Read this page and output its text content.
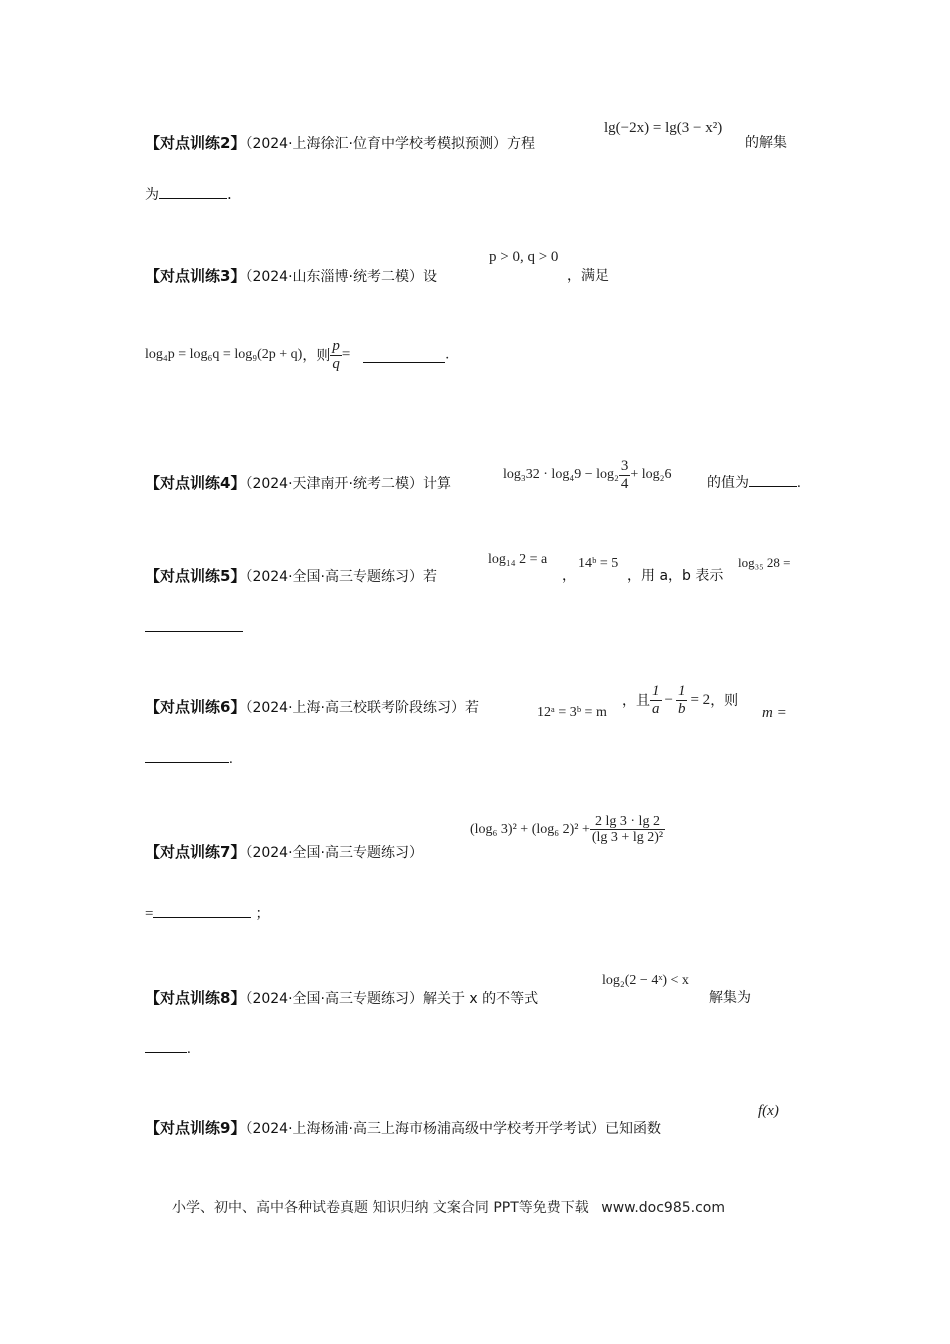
【对点训练2】（2024·上海徐汇·位育中学校考模拟预测）方程
lg(−2x) = lg(3 − x²)
的解集
为	.
【对点训练3】（2024·山东淄博·统考二模）设
p > 0, q > 0
，满足
log₄p = log₆q = log₉(2p + q)，则 $\frac{p}{q}$ =	.
【对点训练4】（2024·天津南开·统考二模）计算
$\log_332 \cdot \log_49 - \log_2 \frac{3}{4} + \log_26$
的值为	.
【对点训练5】（2024·全国·高三专题练习）若
log₁₄ 2 = a
，
14ᵇ = 5
，用 a，b 表示
log₃₅ 28 =
【对点训练6】（2024·上海·高三校联考阶段练习）若	12ᵃ = 3ᵇ = m
，且 $\frac{1}{a} - \frac{1}{b} = 2$，则
m =
.
【对点训练7】（2024·全国·高三专题练习）
(log₆ 3)² + (log₆ $2)^2 + \frac{2 \lg 3 \cdot \lg 2}{\text{(lg 3 + lg 2)²}}$
=	；
【对点训练8】（2024·全国·高三专题练习）解关于 x 的不等式
log₂(2 − 4ˣ) < x
解集为
.
【对点训练9】（2024·上海杨浦·高三上海市杨浦高级中学校考开学考试）已知函数
f(x)
小学、初中、高中各种试卷真题 知识归纳 文案合同 PPT等免费下载 www.doc985.com
